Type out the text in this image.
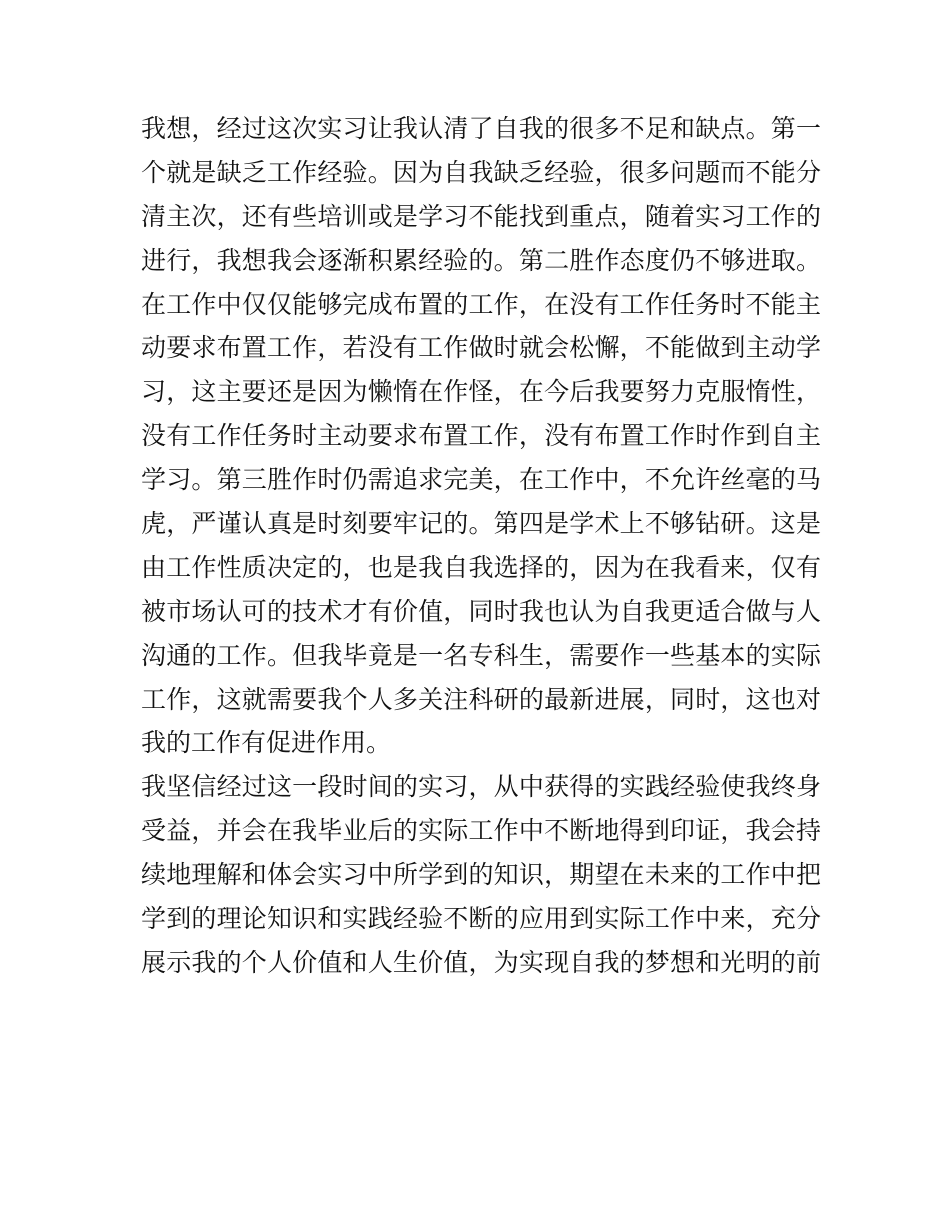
我想，经过这次实习让我认清了自我的很多不足和缺点。第一
个就是缺乏工作经验。因为自我缺乏经验，很多问题而不能分
清主次，还有些培训或是学习不能找到重点，随着实习工作的
进行，我想我会逐渐积累经验的。第二胜作态度仍不够进取。
在工作中仅仅能够完成布置的工作，在没有工作任务时不能主
动要求布置工作，若没有工作做时就会松懈，不能做到主动学
习，这主要还是因为懒惰在作怪，在今后我要努力克服惰性，
没有工作任务时主动要求布置工作，没有布置工作时作到自主
学习。第三胜作时仍需追求完美，在工作中，不允许丝毫的马
虎，严谨认真是时刻要牢记的。第四是学术上不够钻研。这是
由工作性质决定的，也是我自我选择的，因为在我看来，仅有
被市场认可的技术才有价值，同时我也认为自我更适合做与人
沟通的工作。但我毕竟是一名专科生，需要作一些基本的实际
工作，这就需要我个人多关注科研的最新进展，同时，这也对
我的工作有促进作用。
我坚信经过这一段时间的实习，从中获得的实践经验使我终身
受益，并会在我毕业后的实际工作中不断地得到印证，我会持
续地理解和体会实习中所学到的知识，期望在未来的工作中把
学到的理论知识和实践经验不断的应用到实际工作中来，充分
展示我的个人价值和人生价值，为实现自我的梦想和光明的前
